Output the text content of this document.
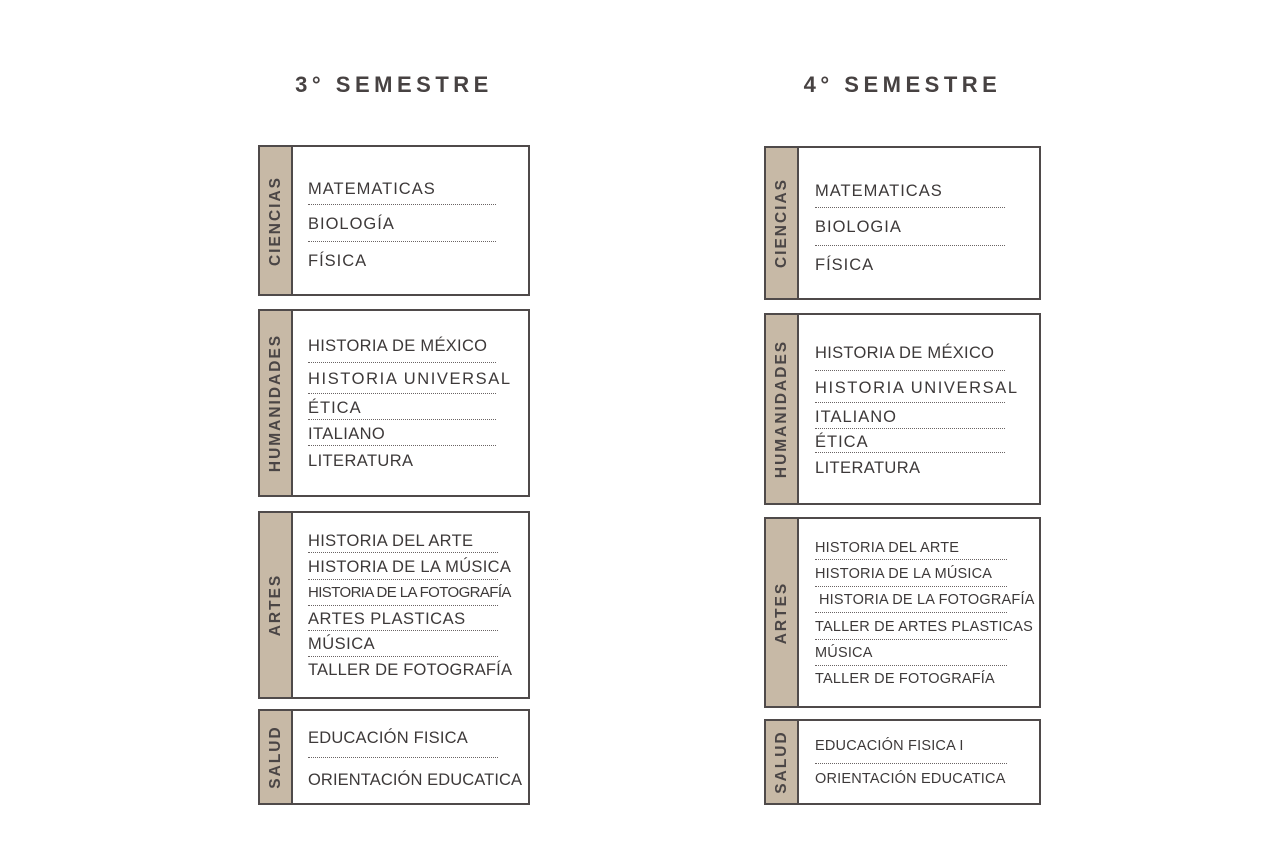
3° SEMESTRE
CIENCIAS MATEMATICAS
BIOLOGÍA
FÍSICA
HUMANIDADES HISTORIA DE MÉXICO
HISTORIA UNIVERSAL
ÉTICA
ITALIANO
LITERATURA
ARTES
HISTORIA DEL ARTE
HISTORIA DE LA MÚSICA
HISTORIA DE LA FOTOGRAFÍA
ARTES PLASTICAS
MÚSICA
TALLER DE FOTOGRAFÍA
SALUD EDUCACIÓN FISICA
ORIENTACIÓN EDUCATICA
4° SEMESTRE
CIENCIAS MATEMATICAS
BIOLOGIA
FÍSICA
HUMANIDADES HISTORIA DE MÉXICO
HISTORIA UNIVERSAL
ITALIANO
ÉTICA
LITERATURA
ARTES
HISTORIA DEL ARTE
HISTORIA DE LA MÚSICA
HISTORIA DE LA FOTOGRAFÍA
TALLER DE ARTES PLASTICAS
MÚSICA
TALLER DE FOTOGRAFÍA
SALUD EDUCACIÓN FISICA I
ORIENTACIÓN EDUCATICA
